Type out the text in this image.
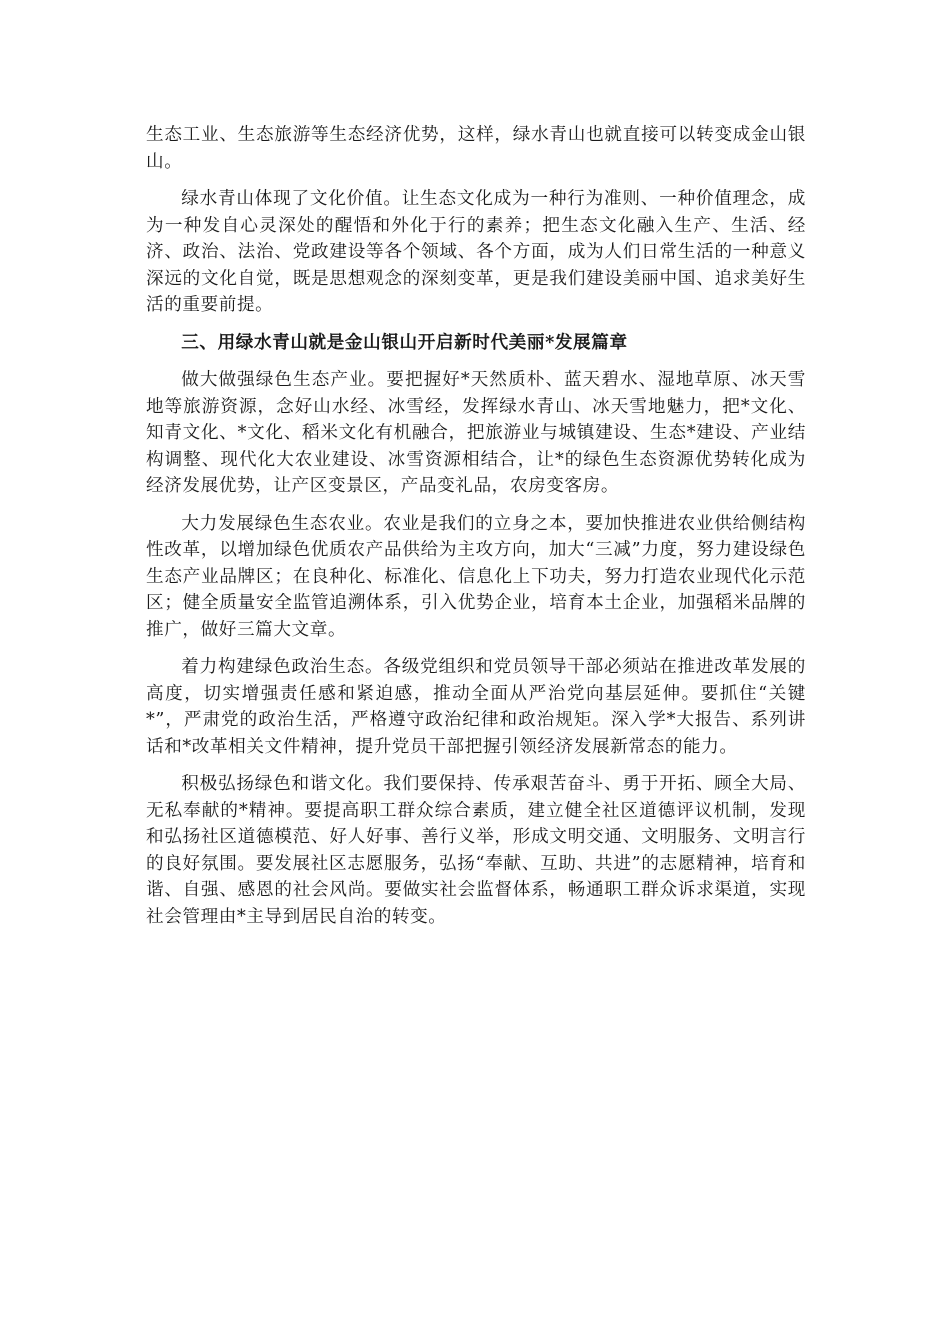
生态工业、生态旅游等生态经济优势，这样，绿水青山也就直接可以转变成金山银山。

绿水青山体现了文化价值。让生态文化成为一种行为准则、一种价值理念，成为一种发自心灵深处的醒悟和外化于行的素养；把生态文化融入生产、生活、经济、政治、法治、党政建设等各个领域、各个方面，成为人们日常生活的一种意义深远的文化自觉，既是思想观念的深刻变革，更是我们建设美丽中国、追求美好生活的重要前提。

三、用绿水青山就是金山银山开启新时代美丽*发展篇章

做大做强绿色生态产业。要把握好*天然质朴、蓝天碧水、湿地草原、冰天雪地等旅游资源，念好山水经、冰雪经，发挥绿水青山、冰天雪地魅力，把*文化、知青文化、*文化、稻米文化有机融合，把旅游业与城镇建设、生态*建设、产业结构调整、现代化大农业建设、冰雪资源相结合，让*的绿色生态资源优势转化成为经济发展优势，让产区变景区，产品变礼品，农房变客房。

大力发展绿色生态农业。农业是我们的立身之本，要加快推进农业供给侧结构性改革，以增加绿色优质农产品供给为主攻方向，加大“三减”力度，努力建设绿色生态产业品牌区；在良种化、标准化、信息化上下功夫，努力打造农业现代化示范区；健全质量安全监管追溯体系，引入优势企业，培育本土企业，加强稻米品牌的推广，做好三篇大文章。

着力构建绿色政治生态。各级党组织和党员领导干部必须站在推进改革发展的高度，切实增强责任感和紧迫感，推动全面从严治党向基层延伸。要抓住“关键*”，严肃党的政治生活，严格遵守政治纪律和政治规矩。深入学*大报告、系列讲话和*改革相关文件精神，提升党员干部把握引领经济发展新常态的能力。

积极弘扬绿色和谐文化。我们要保持、传承艰苦奋斗、勇于开拓、顾全大局、无私奉献的*精神。要提高职工群众综合素质，建立健全社区道德评议机制，发现和弘扬社区道德模范、好人好事、善行义举，形成文明交通、文明服务、文明言行的良好氛围。要发展社区志愿服务，弘扬“奉献、互助、共进”的志愿精神，培育和谐、自强、感恩的社会风尚。要做实社会监督体系，畅通职工群众诉求渠道，实现社会管理由*主导到居民自治的转变。
